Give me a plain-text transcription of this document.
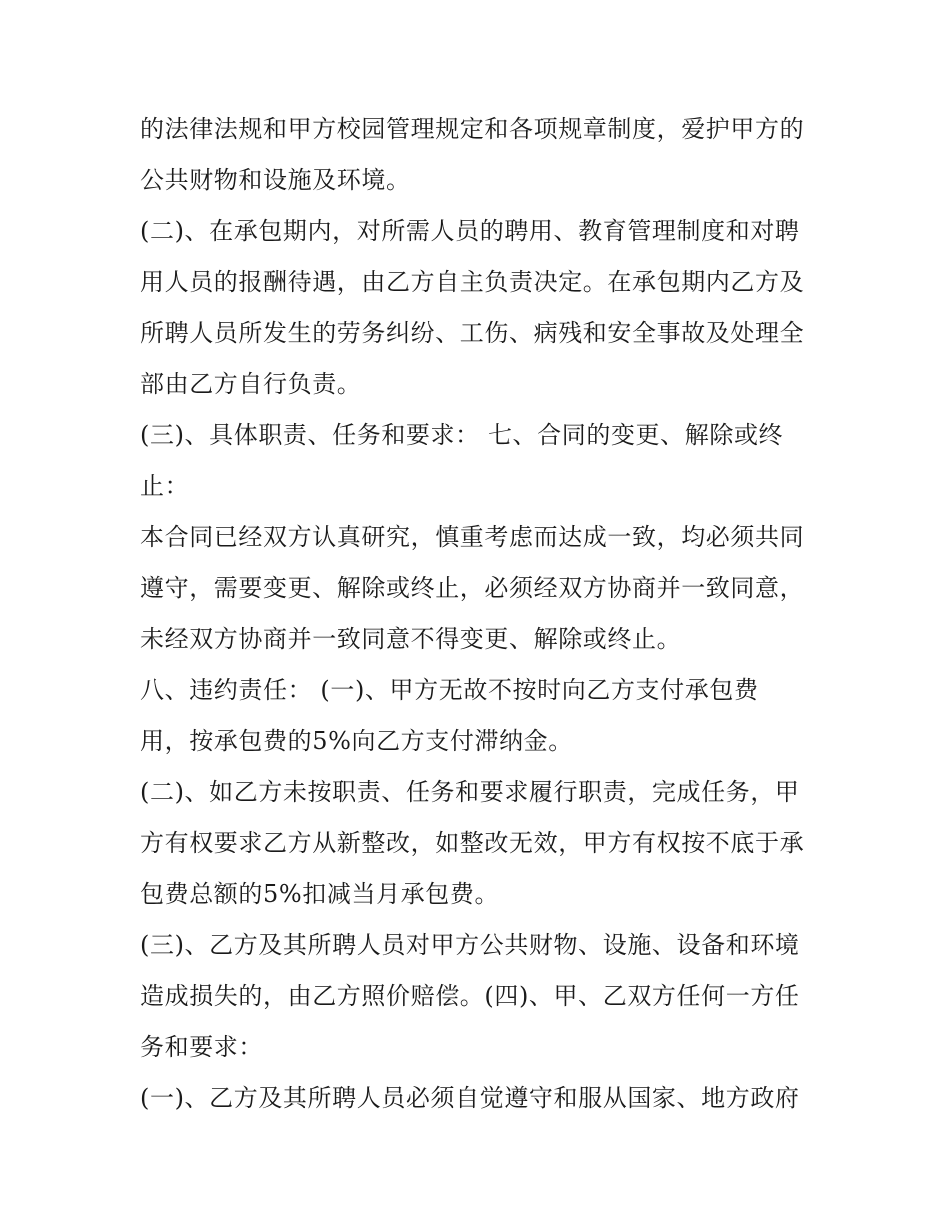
的法律法规和甲方校园管理规定和各项规章制度，爱护甲方的
公共财物和设施及环境。
(二)、在承包期内，对所需人员的聘用、教育管理制度和对聘
用人员的报酬待遇，由乙方自主负责决定。在承包期内乙方及
所聘人员所发生的劳务纠纷、工伤、病残和安全事故及处理全
部由乙方自行负责。
(三)、具体职责、任务和要求： 七、合同的变更、解除或终
止：
本合同已经双方认真研究，慎重考虑而达成一致，均必须共同
遵守，需要变更、解除或终止，必须经双方协商并一致同意，
未经双方协商并一致同意不得变更、解除或终止。
八、违约责任： (一)、甲方无故不按时向乙方支付承包费
用，按承包费的5%向乙方支付滞纳金。
(二)、如乙方未按职责、任务和要求履行职责，完成任务，甲
方有权要求乙方从新整改，如整改无效，甲方有权按不底于承
包费总额的5%扣减当月承包费。
(三)、乙方及其所聘人员对甲方公共财物、设施、设备和环境
造成损失的，由乙方照价赔偿。(四)、甲、乙双方任何一方任
务和要求：
(一)、乙方及其所聘人员必须自觉遵守和服从国家、地方政府
